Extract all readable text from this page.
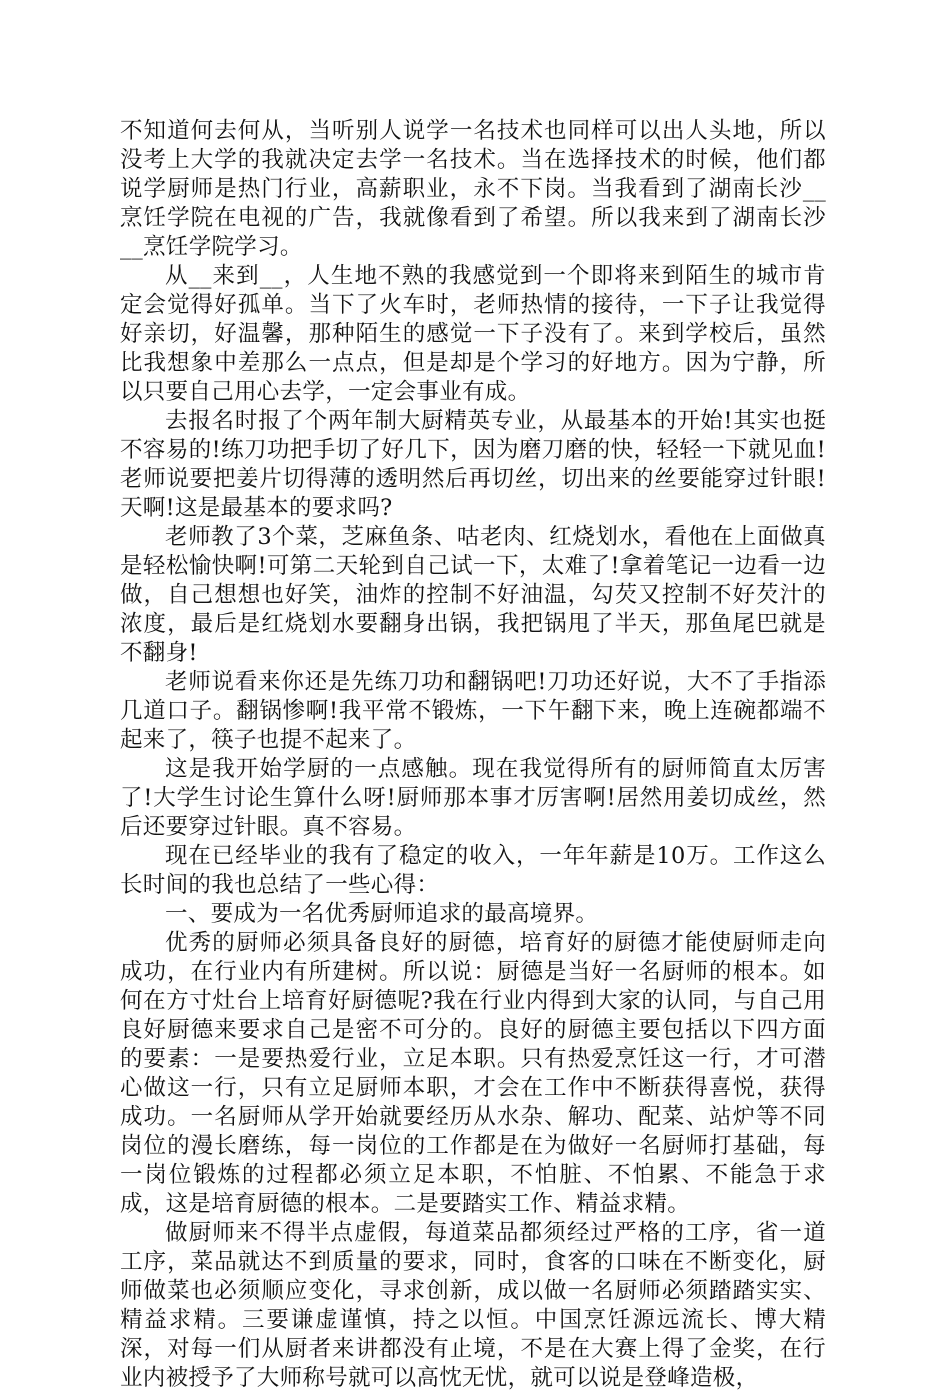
不知道何去何从，当听别人说学一名技术也同样可以出人头地，所以没考上大学的我就决定去学一名技术。当在选择技术的时候，他们都说学厨师是热门行业，高薪职业，永不下岗。当我看到了湖南长沙__烹饪学院在电视的广告，我就像看到了希望。所以我来到了湖南长沙__烹饪学院学习。

从__来到__，人生地不熟的我感觉到一个即将来到陌生的城市肯定会觉得好孤单。当下了火车时，老师热情的接待，一下子让我觉得好亲切，好温馨，那种陌生的感觉一下子没有了。来到学校后，虽然比我想象中差那么一点点，但是却是个学习的好地方。因为宁静，所以只要自己用心去学，一定会事业有成。

去报名时报了个两年制大厨精英专业，从最基本的开始!其实也挺不容易的!练刀功把手切了好几下，因为磨刀磨的快，轻轻一下就见血!老师说要把姜片切得薄的透明然后再切丝，切出来的丝要能穿过针眼!天啊!这是最基本的要求吗?

老师教了3个菜，芝麻鱼条、咕老肉、红烧划水，看他在上面做真是轻松愉快啊!可第二天轮到自己试一下，太难了!拿着笔记一边看一边做，自己想想也好笑，油炸的控制不好油温，勾芡又控制不好芡汁的浓度，最后是红烧划水要翻身出锅，我把锅甩了半天，那鱼尾巴就是不翻身!

老师说看来你还是先练刀功和翻锅吧!刀功还好说，大不了手指添几道口子。翻锅惨啊!我平常不锻炼，一下午翻下来，晚上连碗都端不起来了，筷子也提不起来了。

这是我开始学厨的一点感触。现在我觉得所有的厨师简直太厉害了!大学生讨论生算什么呀!厨师那本事才厉害啊!居然用姜切成丝，然后还要穿过针眼。真不容易。

现在已经毕业的我有了稳定的收入，一年年薪是10万。工作这么长时间的我也总结了一些心得：

一、要成为一名优秀厨师追求的最高境界。

优秀的厨师必须具备良好的厨德，培育好的厨德才能使厨师走向成功，在行业内有所建树。所以说：厨德是当好一名厨师的根本。如何在方寸灶台上培育好厨德呢?我在行业内得到大家的认同，与自己用良好厨德来要求自己是密不可分的。良好的厨德主要包括以下四方面的要素：一是要热爱行业，立足本职。只有热爱烹饪这一行，才可潜心做这一行，只有立足厨师本职，才会在工作中不断获得喜悦，获得成功。一名厨师从学开始就要经历从水杂、解功、配菜、站炉等不同岗位的漫长磨练，每一岗位的工作都是在为做好一名厨师打基础，每一岗位锻炼的过程都必须立足本职，不怕脏、不怕累、不能急于求成，这是培育厨德的根本。二是要踏实工作、精益求精。

做厨师来不得半点虚假，每道菜品都须经过严格的工序，省一道工序，菜品就达不到质量的要求，同时，食客的口味在不断变化，厨师做菜也必须顺应变化，寻求创新，成以做一名厨师必须踏踏实实、精益求精。三要谦虚谨慎，持之以恒。中国烹饪源远流长、博大精深，对每一们从厨者来讲都没有止境，不是在大赛上得了金奖，在行业内被授予了大师称号就可以高忱无忧，就可以说是登峰造极，
